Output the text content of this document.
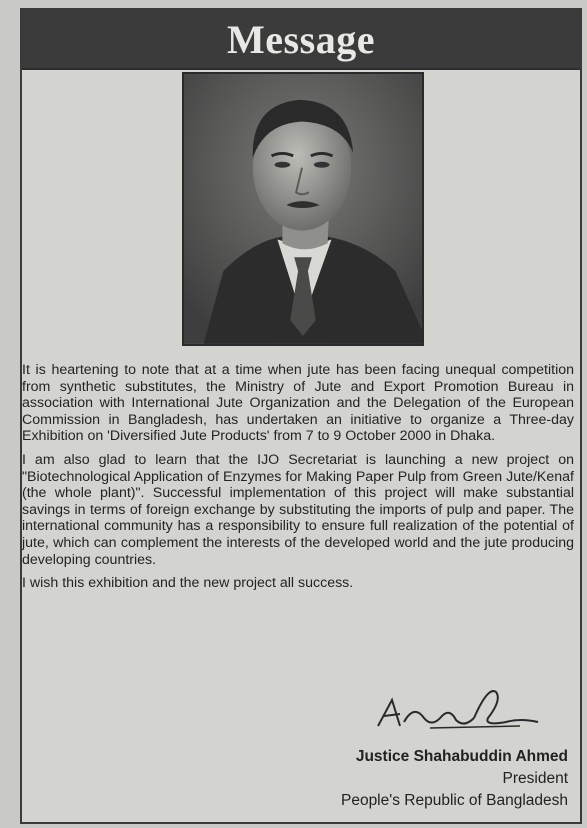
Message

It is heartening to note that at a time when jute has been facing unequal competition from synthetic substitutes, the Ministry of Jute and Export Promotion Bureau in association with International Jute Organization and the Delegation of the European Commission in Bangladesh, has undertaken an initiative to organize a Three-day Exhibition on 'Diversified Jute Products' from 7 to 9 October 2000 in Dhaka.

I am also glad to learn that the IJO Secretariat is launching a new project on "Biotechnological Application of Enzymes for Making Paper Pulp from Green Jute/Kenaf (the whole plant)". Successful implementation of this project will make substantial savings in terms of foreign exchange by substituting the imports of pulp and paper. The international community has a responsibility to ensure full realization of the potential of jute, which can complement the interests of the developed world and the jute producing developing countries.

I wish this exhibition and the new project all success.

Justice Shahabuddin Ahmed
President
People's Republic of Bangladesh
